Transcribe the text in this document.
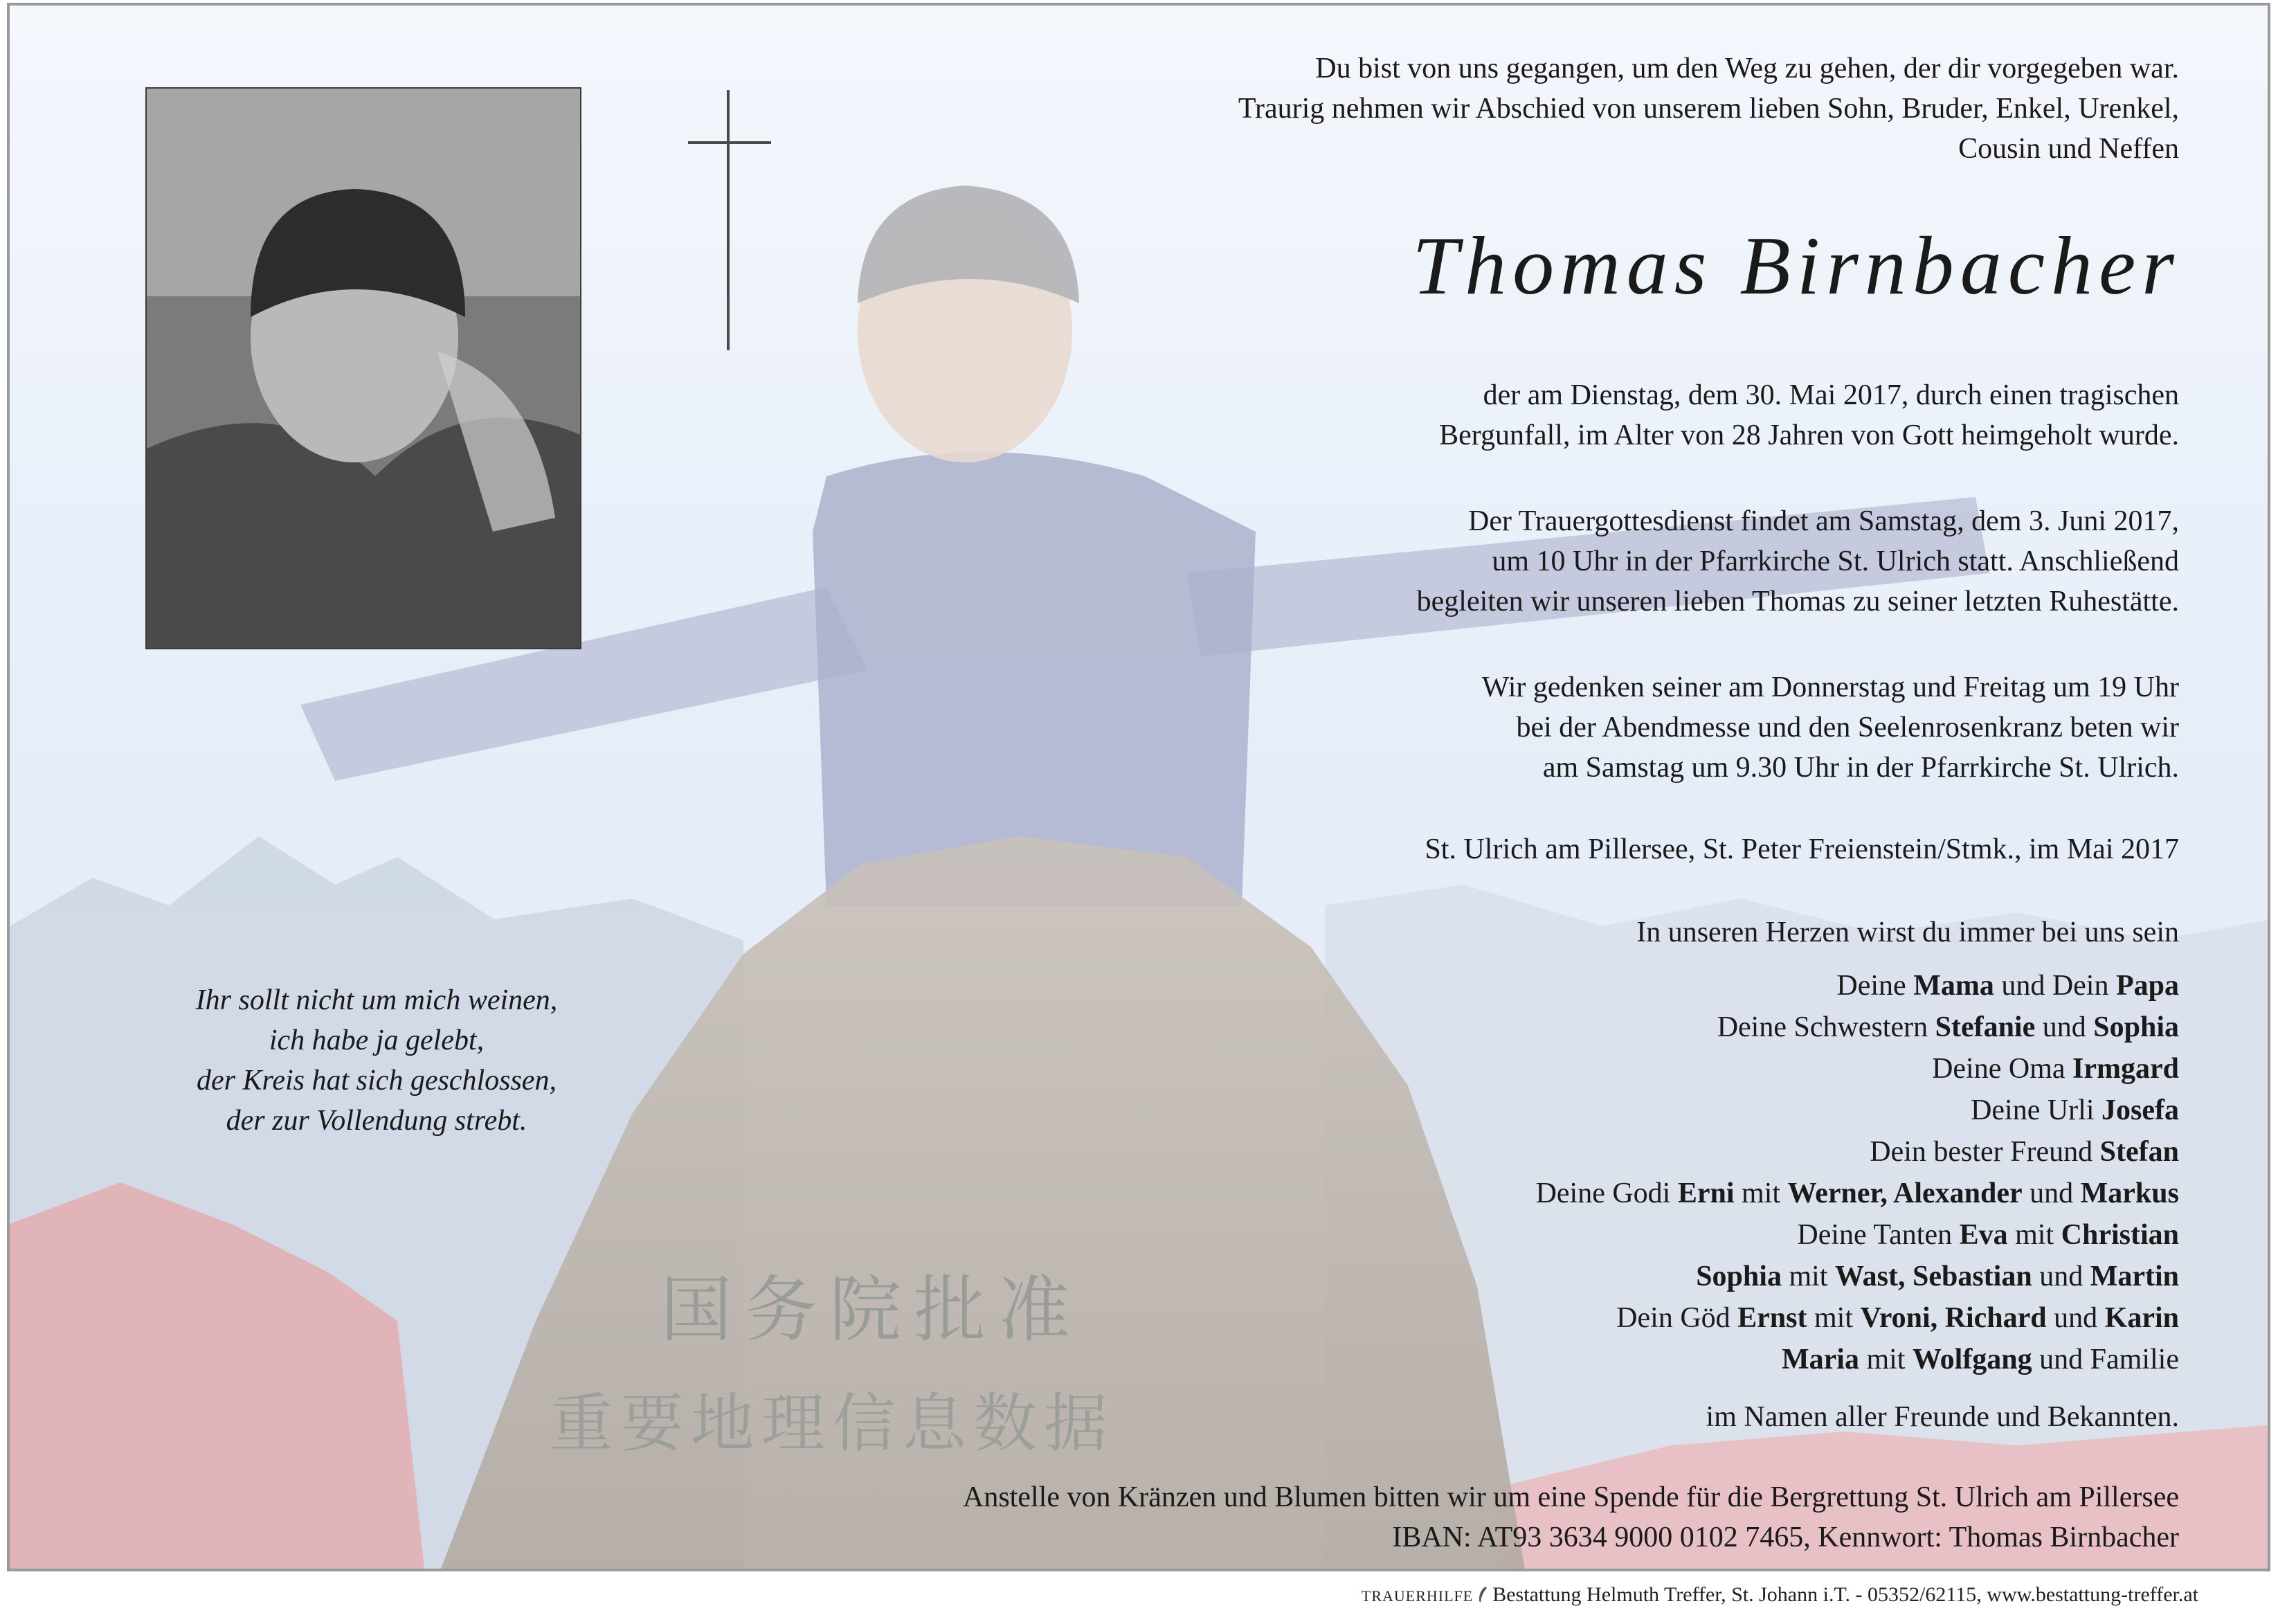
国务院批准
重要地理信息数据
Du bist von uns gegangen, um den Weg zu gehen, der dir vorgegeben war.
Traurig nehmen wir Abschied von unserem lieben Sohn, Bruder, Enkel, Urenkel,
Cousin und Neffen
Thomas Birnbacher
der am Dienstag, dem 30. Mai 2017, durch einen tragischen
Bergunfall, im Alter von 28 Jahren von Gott heimgeholt wurde.
Der Trauergottesdienst findet am Samstag, dem 3. Juni 2017,
um 10 Uhr in der Pfarrkirche St. Ulrich statt. Anschließend
begleiten wir unseren lieben Thomas zu seiner letzten Ruhestätte.
Wir gedenken seiner am Donnerstag und Freitag um 19 Uhr
bei der Abendmesse und den Seelenrosenkranz beten wir
am Samstag um 9.30 Uhr in der Pfarrkirche St. Ulrich.
St. Ulrich am Pillersee, St. Peter Freienstein/Stmk., im Mai 2017
In unseren Herzen wirst du immer bei uns sein
Deine Mama und Dein Papa
Deine Schwestern Stefanie und Sophia
Deine Oma Irmgard
Deine Urli Josefa
Dein bester Freund Stefan
Deine Godi Erni mit Werner, Alexander und Markus
Deine Tanten Eva mit Christian
Sophia mit Wast, Sebastian und Martin
Dein Göd Ernst mit Vroni, Richard und Karin
Maria mit Wolfgang und Familie
im Namen aller Freunde und Bekannten.
Anstelle von Kränzen und Blumen bitten wir um eine Spende für die Bergrettung St. Ulrich am Pillersee
IBAN: AT93 3634 9000 0102 7465, Kennwort: Thomas Birnbacher
Ihr sollt nicht um mich weinen,
ich habe ja gelebt,
der Kreis hat sich geschlossen,
der zur Vollendung strebt.
TRAUERHILFE Bestattung Helmuth Treffer, St. Johann i.T. - 05352/62115, www.bestattung-treffer.at
